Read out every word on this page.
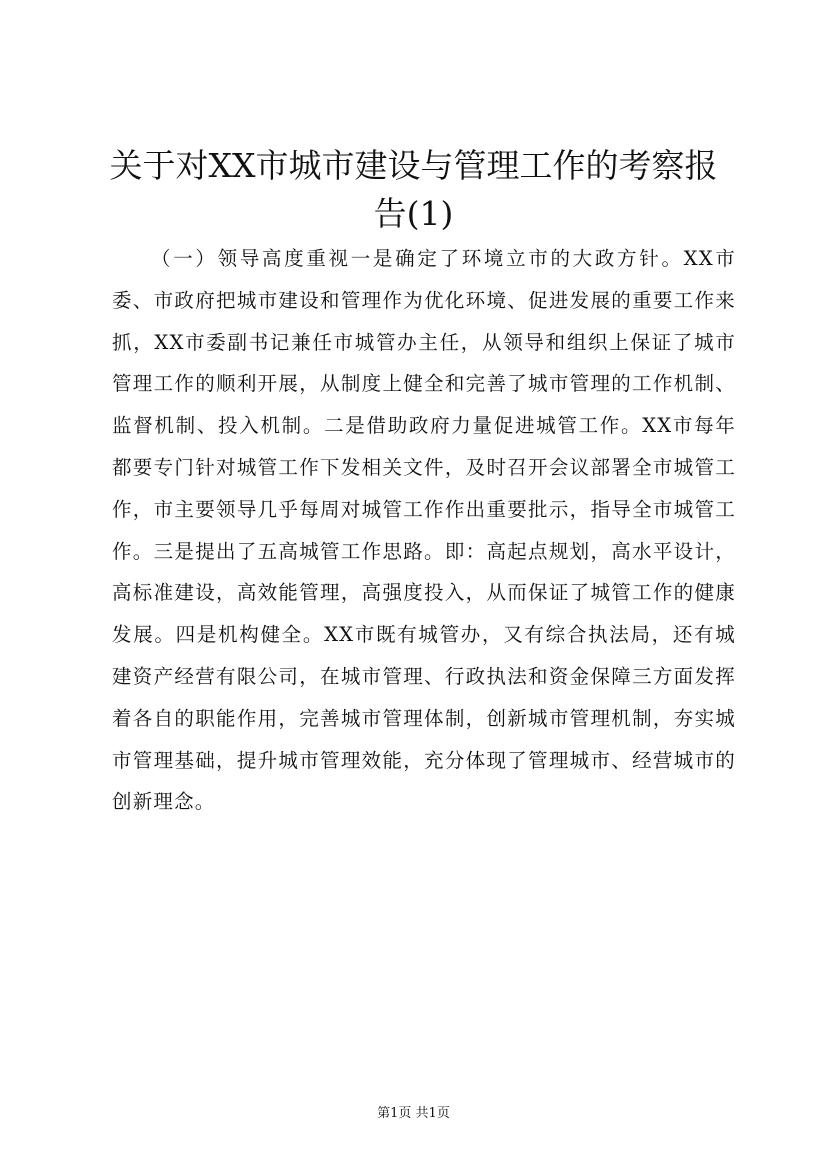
关于对XX市城市建设与管理工作的考察报告(1)

（一）领导高度重视一是确定了环境立市的大政方针。XX市委、市政府把城市建设和管理作为优化环境、促进发展的重要工作来抓，XX市委副书记兼任市城管办主任，从领导和组织上保证了城市管理工作的顺利开展，从制度上健全和完善了城市管理的工作机制、监督机制、投入机制。二是借助政府力量促进城管工作。XX市每年都要专门针对城管工作下发相关文件，及时召开会议部署全市城管工作，市主要领导几乎每周对城管工作作出重要批示，指导全市城管工作。三是提出了五高城管工作思路。即：高起点规划，高水平设计，高标准建设，高效能管理，高强度投入，从而保证了城管工作的健康发展。四是机构健全。XX市既有城管办，又有综合执法局，还有城建资产经营有限公司，在城市管理、行政执法和资金保障三方面发挥着各自的职能作用，完善城市管理体制，创新城市管理机制，夯实城市管理基础，提升城市管理效能，充分体现了管理城市、经营城市的创新理念。

第1页 共1页
